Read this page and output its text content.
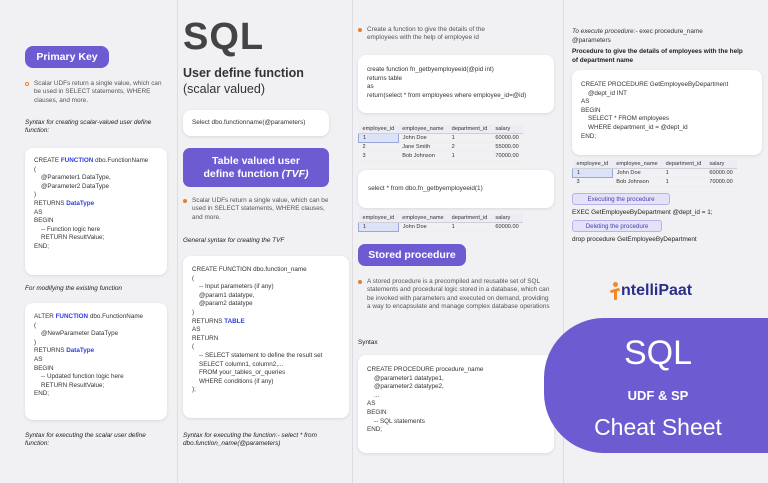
Primary Key
Scalar UDFs return a single value, which can be used in SELECT statements, WHERE clauses, and more.
Syntax for creating scalar-valued user define function:
CREATE FUNCTION dbo.FunctionName
(
@Parameter1 DataType,
@Parameter2 DataType
)
RETURNS DataType
AS
BEGIN
-- Function logic here
RETURN ResultValue;
END;
For modifying the existing function
ALTER FUNCTION dbo.FunctionName
(
@NewParameter DataType
)
RETURNS DataType
AS
BEGIN
-- Updated function logic here
RETURN ResultValue;
END;
Syntax for executing the scalar user define function:
SQL
User define function
(scalar valued)
Select dbo.functionname(@parameters)
Table valued user
define function (TVF)
Scalar UDFs return a single value, which can be used in SELECT statements, WHERE clauses, and more.
General syntax for creating the TVF
CREATE FUNCTION dbo.function_name
(
-- Input parameters (if any)
@param1 datatype,
@param2 datatype
)
RETURNS TABLE
AS
RETURN
(
-- SELECT statement to define the result set
SELECT column1, column2,...
FROM your_tables_or_queries
WHERE conditions (if any)
);
Syntax for executing the function:- select * from dbo.function_name(@parameters)
Create a function to give the details of the employees with the help of employee id
create function fn_getbyemployeeid(@pid int)
returns table
as
return(select * from employees where employee_id=@id)
employee_id	employee_name	department_id	salary
1	John Doe	1	60000.00
2	Jane Smith	2	55000.00
3	Bob Johnson	1	70000.00
select * from dbo.fn_getbyemployeeid(1)
employee_id	employee_name	department_id	salary
1	John Doe	1	60000.00
Stored procedure
A stored procedure is a precompiled and reusable set of SQL statements and procedural logic stored in a database, which can be invoked with parameters and executed on demand, providing a way to encapsulate and manage complex database operations
Syntax
CREATE PROCEDURE procedure_name
@parameter1 datatype1,
@parameter2 datatype2,
...
AS
BEGIN
-- SQL statements
END;
To execute procedure:- exec procedure_name @parameters
Procedure to give the details of employees with the help of department name
CREATE PROCEDURE GetEmployeeByDepartment
@dept_id INT
AS
BEGIN
SELECT * FROM employees
WHERE department_id = @dept_id
END;
employee_id	employee_name	department_id	salary
1	John Doe	1	60000.00
3	Bob Johnson	1	70000.00
Executing the procedure
EXEC GetEmployeeByDepartment @dept_id = 1;
Deleting the procedure
drop procedure GetEmployeeByDepartment
ntelliPaat
SQL
UDF & SP
Cheat Sheet
